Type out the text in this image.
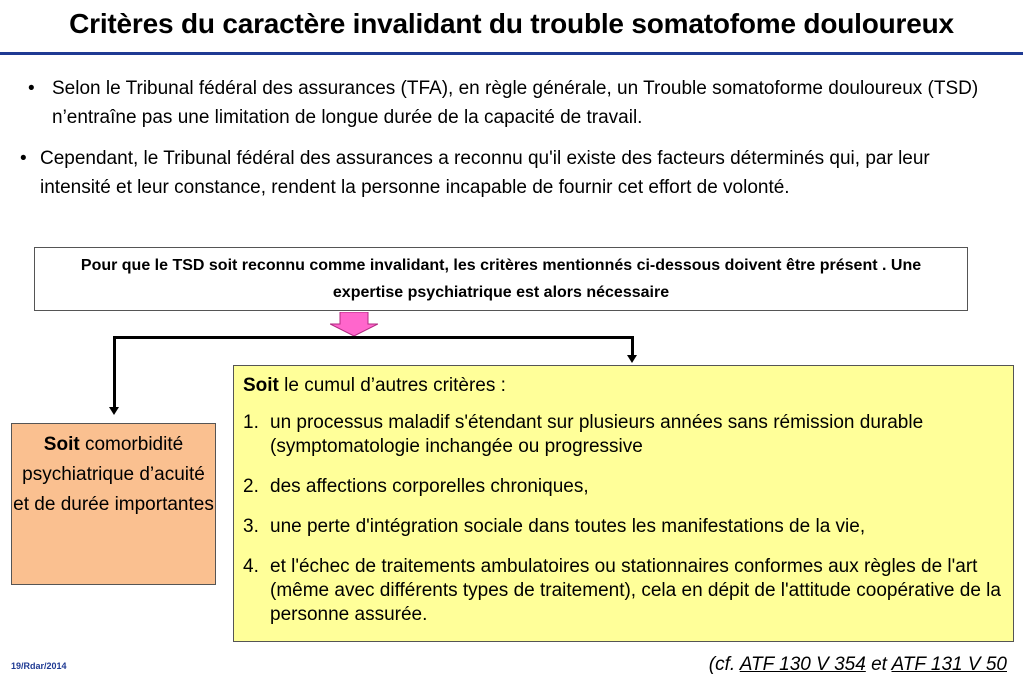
Critères du caractère invalidant du trouble somatofome douloureux
• Selon le Tribunal fédéral des assurances (TFA), en règle générale, un Trouble somatoforme douloureux (TSD) n’entraîne pas une limitation de longue durée de la capacité de travail.
• Cependant, le Tribunal fédéral des assurances a reconnu qu'il existe des facteurs déterminés qui, par leur intensité et leur constance, rendent la personne incapable de fournir cet effort de volonté.
Pour que le TSD soit reconnu comme invalidant, les critères mentionnés ci-dessous doivent être présent . Une expertise psychiatrique est alors nécessaire
Soit comorbidité psychiatrique d’acuité et de durée importantes
Soit le cumul d’autres critères :
1. un processus maladif s'étendant sur plusieurs années sans rémission durable (symptomatologie inchangée ou progressive
2. des affections corporelles chroniques,
3. une perte d'intégration sociale dans toutes les manifestations de la vie,
4. et l'échec de traitements ambulatoires ou stationnaires conformes aux règles de l'art (même avec différents types de traitement), cela en dépit de l'attitude coopérative de la personne assurée.
19/Rdar/2014	(cf. ATF 130 V 354 et ATF 131 V 50
